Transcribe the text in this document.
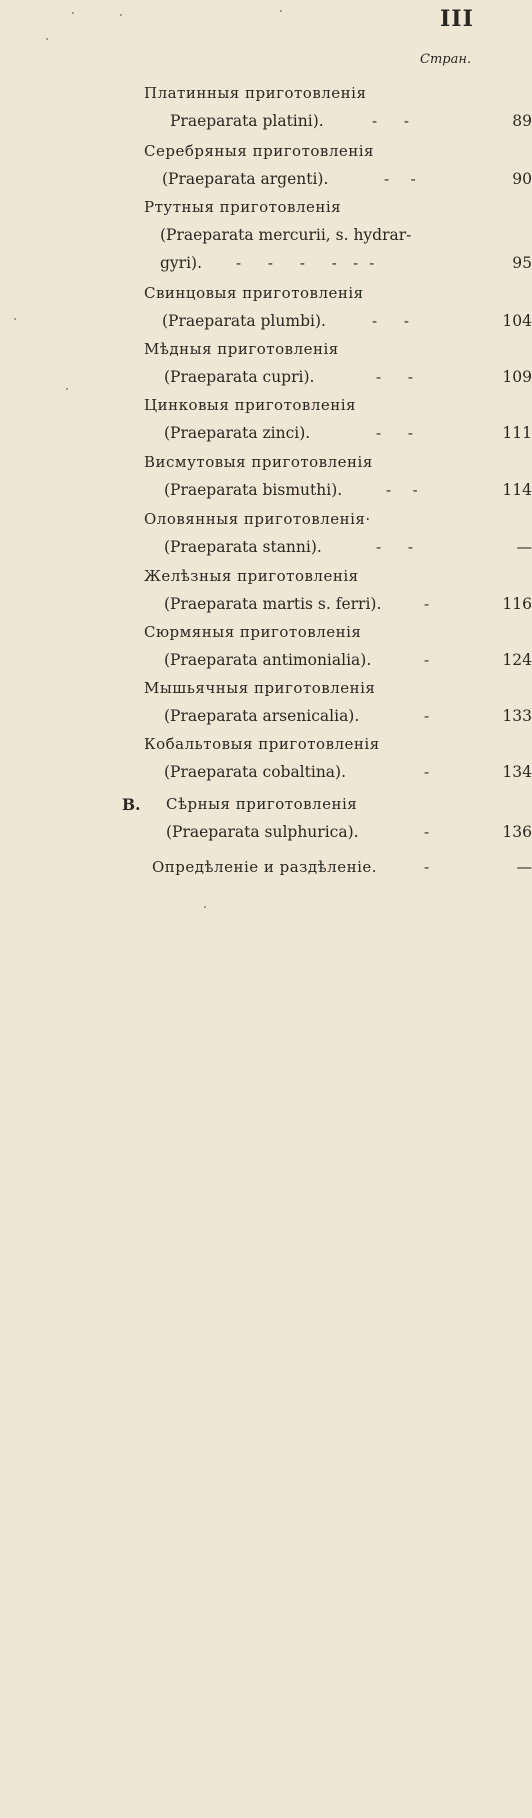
III
Стран.
Платинныя приготовленія
Praeparata platini).	-     -	89
Серебряныя приготовленія
(Praeparata argenti).	-    -	90
Ртутныя приготовленія
(Praeparata mercurii, s. hydrar-
gyri). -     -     -     -   -  -	95
Свинцовыя приготовленія
(Praeparata plumbi).	-     -	104
Мѣдныя приготовленія
(Praeparata cupri).	-     -	109
Цинковыя приготовленія
(Praeparata zinci).	-     -	111
Висмутовыя приготовленія
(Praeparata bismuthi).	-    -	114
Оловянныя приготовленія·
(Praeparata stanni).	-     -	—
Желѣзныя приготовленія
(Praeparata martis s. ferri).	-	116
Сюрмяныя приготовленія
(Praeparata antimonialia).	-	124
Мышьячныя приготовленія
(Praeparata arsenicalia).	-	133
Кобальтовыя приготовленія
(Praeparata cobaltina).	-	134
B. Сѣрныя приготовленія
(Praeparata sulphurica).	-	136
Опредѣленіе и раздѣленіе.	-	—
